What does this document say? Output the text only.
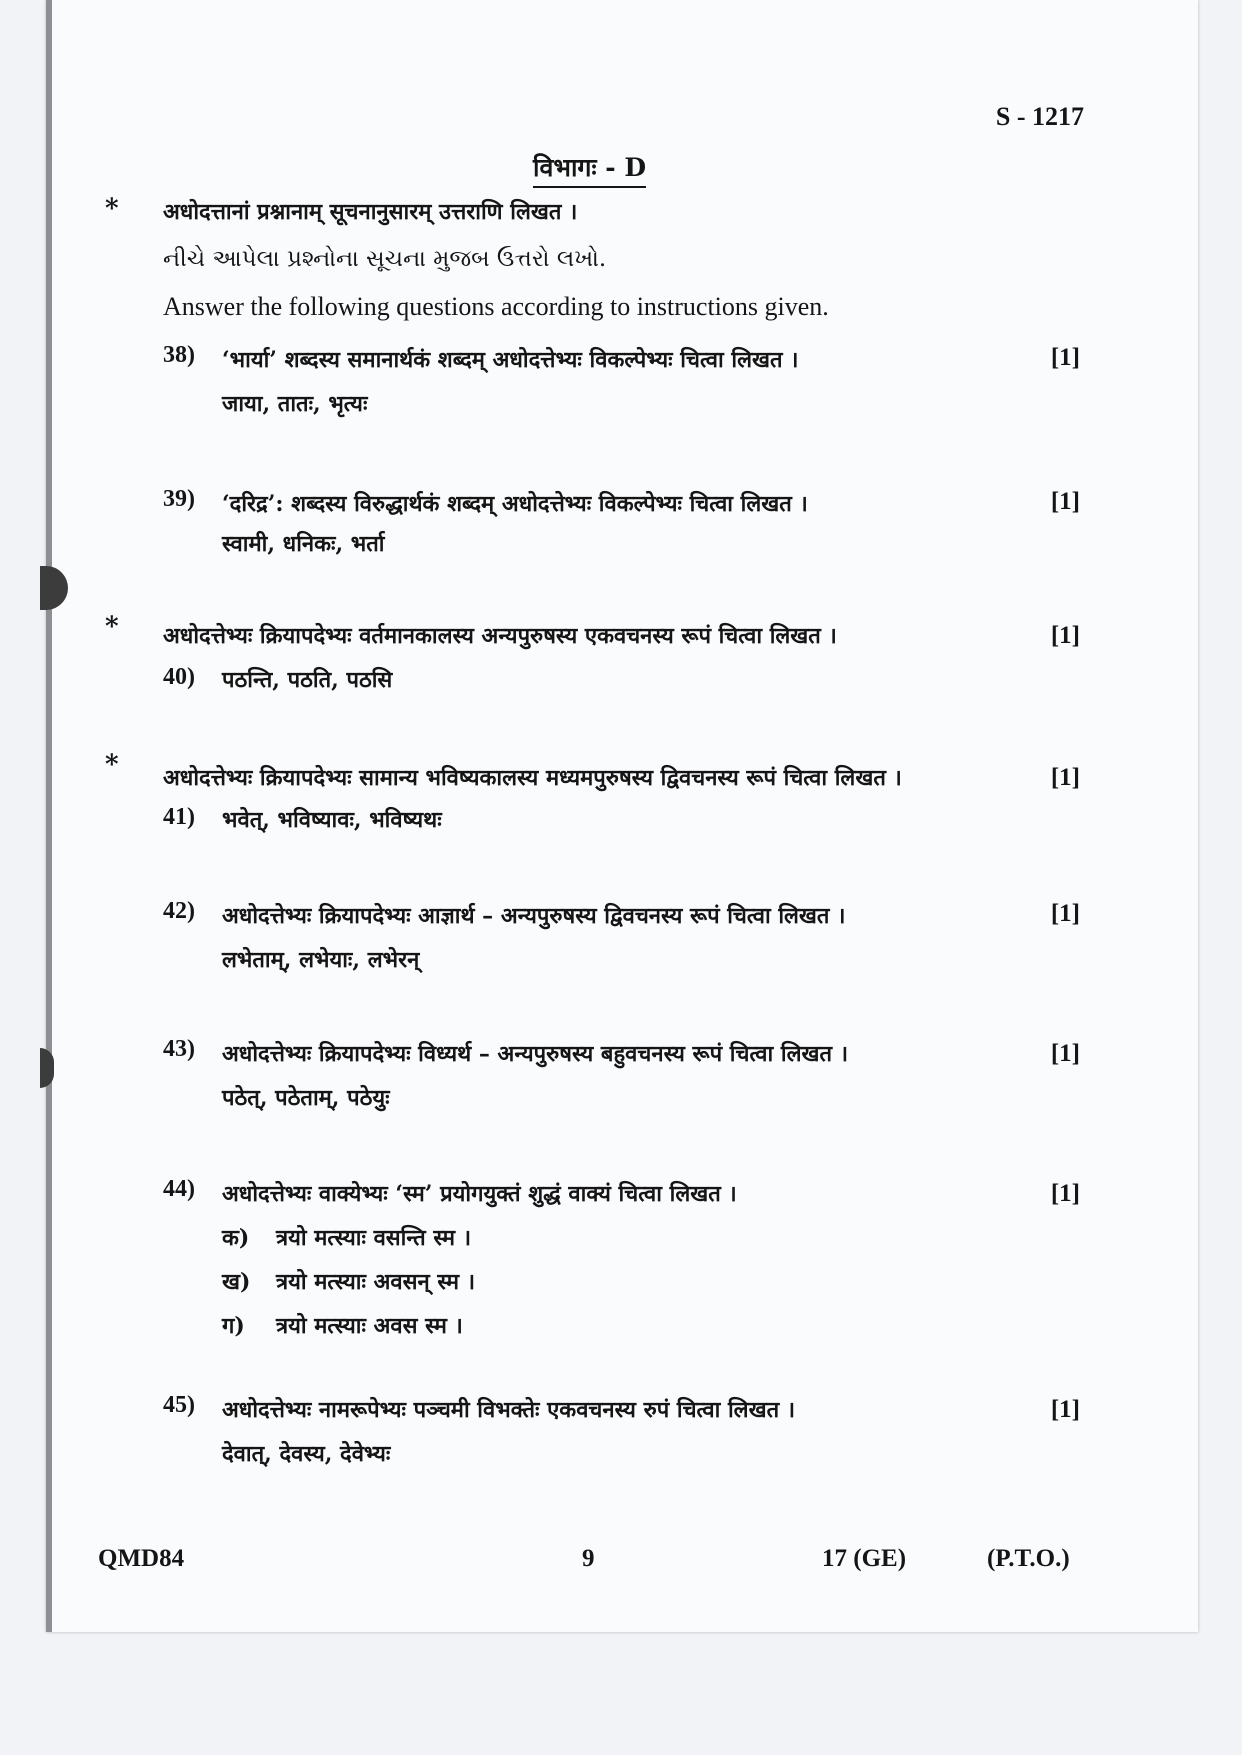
S - 1217
विभागः - D
* अधोदत्तानां प्रश्नानाम् सूचनानुसारम् उत्तराणि लिखत ।
નીચે આપેલા પ્રશ્નોના સૂચના મુજબ ઉત્તરો લખો.
Answer the following questions according to instructions given.
38) ‘भार्या’ शब्दस्य समानार्थकं शब्दम् अधोदत्तेभ्यः विकल्पेभ्यः चित्वा लिखत ।	[1]
जाया, तातः, भृत्यः
39) ‘दरिद्र’: शब्दस्य विरुद्धार्थकं शब्दम् अधोदत्तेभ्यः विकल्पेभ्यः चित्वा लिखत ।	[1]
स्वामी, धनिकः, भर्ता
* अधोदत्तेभ्यः क्रियापदेभ्यः वर्तमानकालस्य अन्यपुरुषस्य एकवचनस्य रूपं चित्वा लिखत ।	[1]
40) पठन्ति, पठति, पठसि
* अधोदत्तेभ्यः क्रियापदेभ्यः सामान्य भविष्यकालस्य मध्यमपुरुषस्य द्विवचनस्य रूपं चित्वा लिखत ।	[1]
41) भवेत्, भविष्यावः, भविष्यथः
42) अधोदत्तेभ्यः क्रियापदेभ्यः आज्ञार्थ – अन्यपुरुषस्य द्विवचनस्य रूपं चित्वा लिखत ।	[1]
लभेताम्, लभेयाः, लभेरन्
43) अधोदत्तेभ्यः क्रियापदेभ्यः विध्यर्थ – अन्यपुरुषस्य बहुवचनस्य रूपं चित्वा लिखत ।	[1]
पठेत्, पठेताम्, पठेयुः
44) अधोदत्तेभ्यः वाक्येभ्यः ‘स्म’ प्रयोगयुक्तं शुद्धं वाक्यं चित्वा लिखत ।	[1]
क) त्रयो मत्स्याः वसन्ति स्म ।
ख) त्रयो मत्स्याः अवसन् स्म ।
ग) त्रयो मत्स्याः अवस स्म ।
45) अधोदत्तेभ्यः नामरूपेभ्यः पञ्चमी विभक्तेः एकवचनस्य रुपं चित्वा लिखत ।	[1]
देवात्, देवस्य, देवेभ्यः
QMD84	9	17 (GE)	(P.T.O.)
